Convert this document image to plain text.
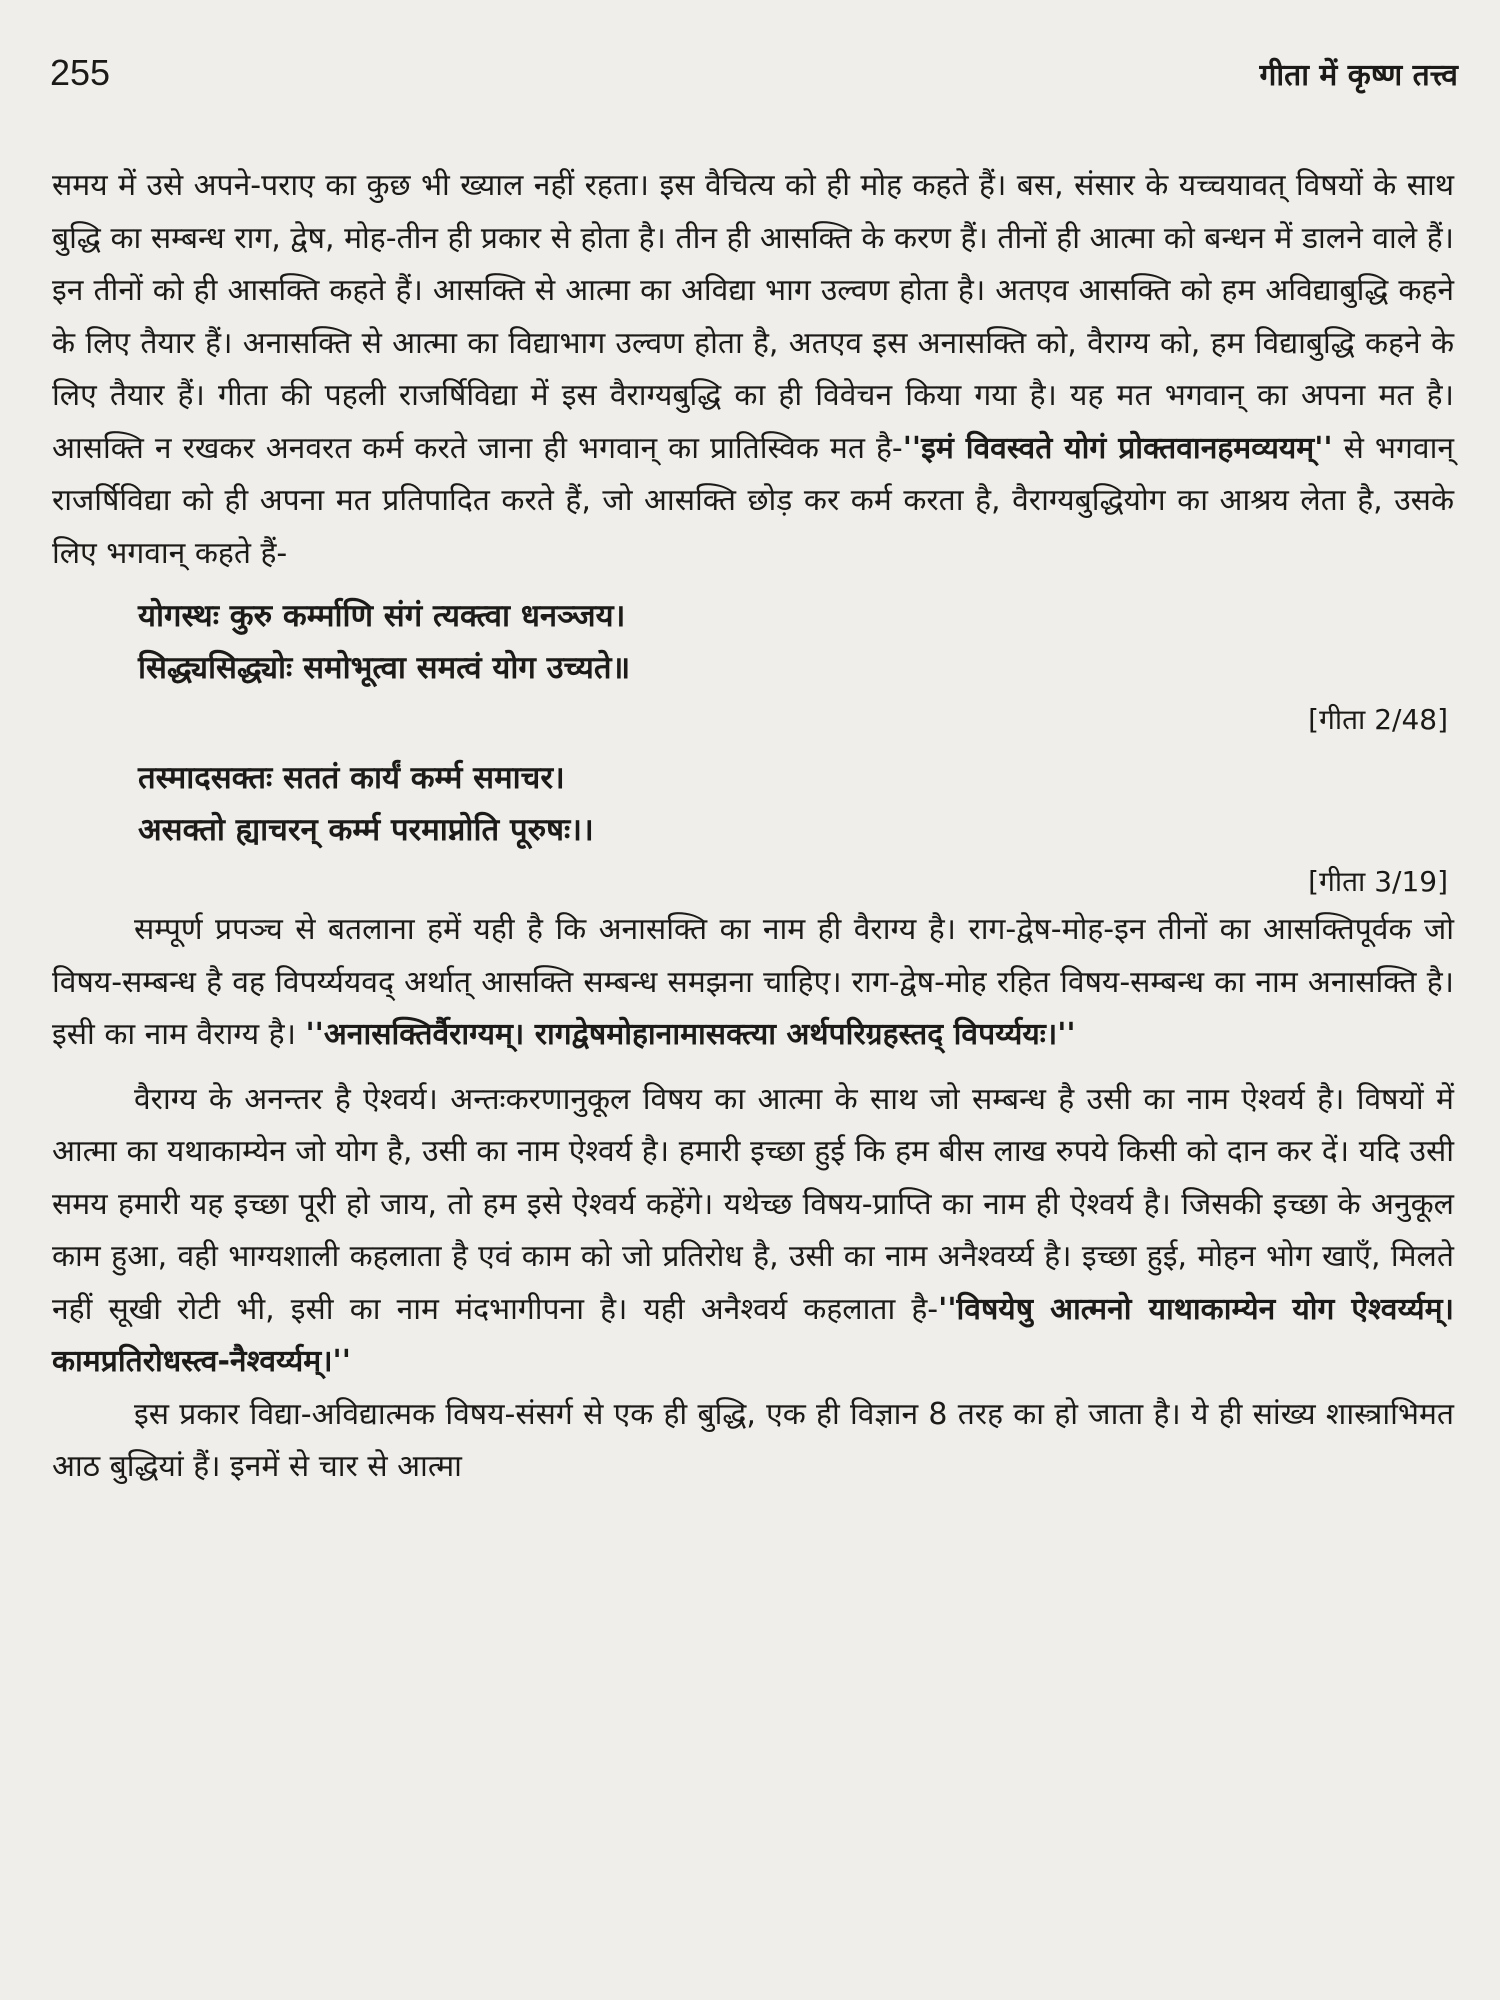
255	गीता में कृष्ण तत्त्व

समय में उसे अपने-पराए का कुछ भी ख्याल नहीं रहता। इस वैचित्य को ही मोह कहते हैं। बस, संसार के यच्चयावत् विषयों के साथ बुद्धि का सम्बन्ध राग, द्वेष, मोह-तीन ही प्रकार से होता है। तीन ही आसक्ति के करण हैं। तीनों ही आत्मा को बन्धन में डालने वाले हैं। इन तीनों को ही आसक्ति कहते हैं। आसक्ति से आत्मा का अविद्या भाग उल्वण होता है। अतएव आसक्ति को हम अविद्याबुद्धि कहने के लिए तैयार हैं। अनासक्ति से आत्मा का विद्याभाग उल्वण होता है, अतएव इस अनासक्ति को, वैराग्य को, हम विद्याबुद्धि कहने के लिए तैयार हैं। गीता की पहली राजर्षिविद्या में इस वैराग्यबुद्धि का ही विवेचन किया गया है। यह मत भगवान् का अपना मत है। आसक्ति न रखकर अनवरत कर्म करते जाना ही भगवान् का प्रातिस्विक मत है-''इमं विवस्वते योगं प्रोक्तवानहमव्ययम्'' से भगवान् राजर्षिविद्या को ही अपना मत प्रतिपादित करते हैं, जो आसक्ति छोड़ कर कर्म करता है, वैराग्यबुद्धियोग का आश्रय लेता है, उसके लिए भगवान् कहते हैं-

योगस्थः कुरु कर्म्माणि संगं त्यक्त्वा धनञ्जय।
सिद्ध्यसिद्ध्योः समोभूत्वा समत्वं योग उच्यते॥
[गीता 2/48]
तस्मादसक्तः सततं कार्यं कर्म्म समाचर।
असक्तो ह्याचरन् कर्म्म परमाप्नोति पूरुषः।।
[गीता 3/19]

सम्पूर्ण प्रपञ्च से बतलाना हमें यही है कि अनासक्ति का नाम ही वैराग्य है। राग-द्वेष-मोह-इन तीनों का आसक्तिपूर्वक जो विषय-सम्बन्ध है वह विपर्य्ययवद् अर्थात् आसक्ति सम्बन्ध समझना चाहिए। राग-द्वेष-मोह रहित विषय-सम्बन्ध का नाम अनासक्ति है। इसी का नाम वैराग्य है। ''अनासक्तिर्वैराग्यम्। रागद्वेषमोहानामासक्त्या अर्थपरिग्रहस्तद् विपर्य्ययः।''

वैराग्य के अनन्तर है ऐश्वर्य। अन्तःकरणानुकूल विषय का आत्मा के साथ जो सम्बन्ध है उसी का नाम ऐश्वर्य है। विषयों में आत्मा का यथाकाम्येन जो योग है, उसी का नाम ऐश्वर्य है। हमारी इच्छा हुई कि हम बीस लाख रुपये किसी को दान कर दें। यदि उसी समय हमारी यह इच्छा पूरी हो जाय, तो हम इसे ऐश्वर्य कहेंगे। यथेच्छ विषय-प्राप्ति का नाम ही ऐश्वर्य है। जिसकी इच्छा के अनुकूल काम हुआ, वही भाग्यशाली कहलाता है एवं काम को जो प्रतिरोध है, उसी का नाम अनैश्वर्य्य है। इच्छा हुई, मोहन भोग खाएँ, मिलते नहीं सूखी रोटी भी, इसी का नाम मंदभागीपना है। यही अनैश्वर्य कहलाता है-''विषयेषु आत्मनो याथाकाम्येन योग ऐश्वर्य्यम्। कामप्रतिरोधस्त्व-नैश्वर्य्यम्।''

इस प्रकार विद्या-अविद्यात्मक विषय-संसर्ग से एक ही बुद्धि, एक ही विज्ञान 8 तरह का हो जाता है। ये ही सांख्य शास्त्राभिमत आठ बुद्धियां हैं। इनमें से चार से आत्मा
